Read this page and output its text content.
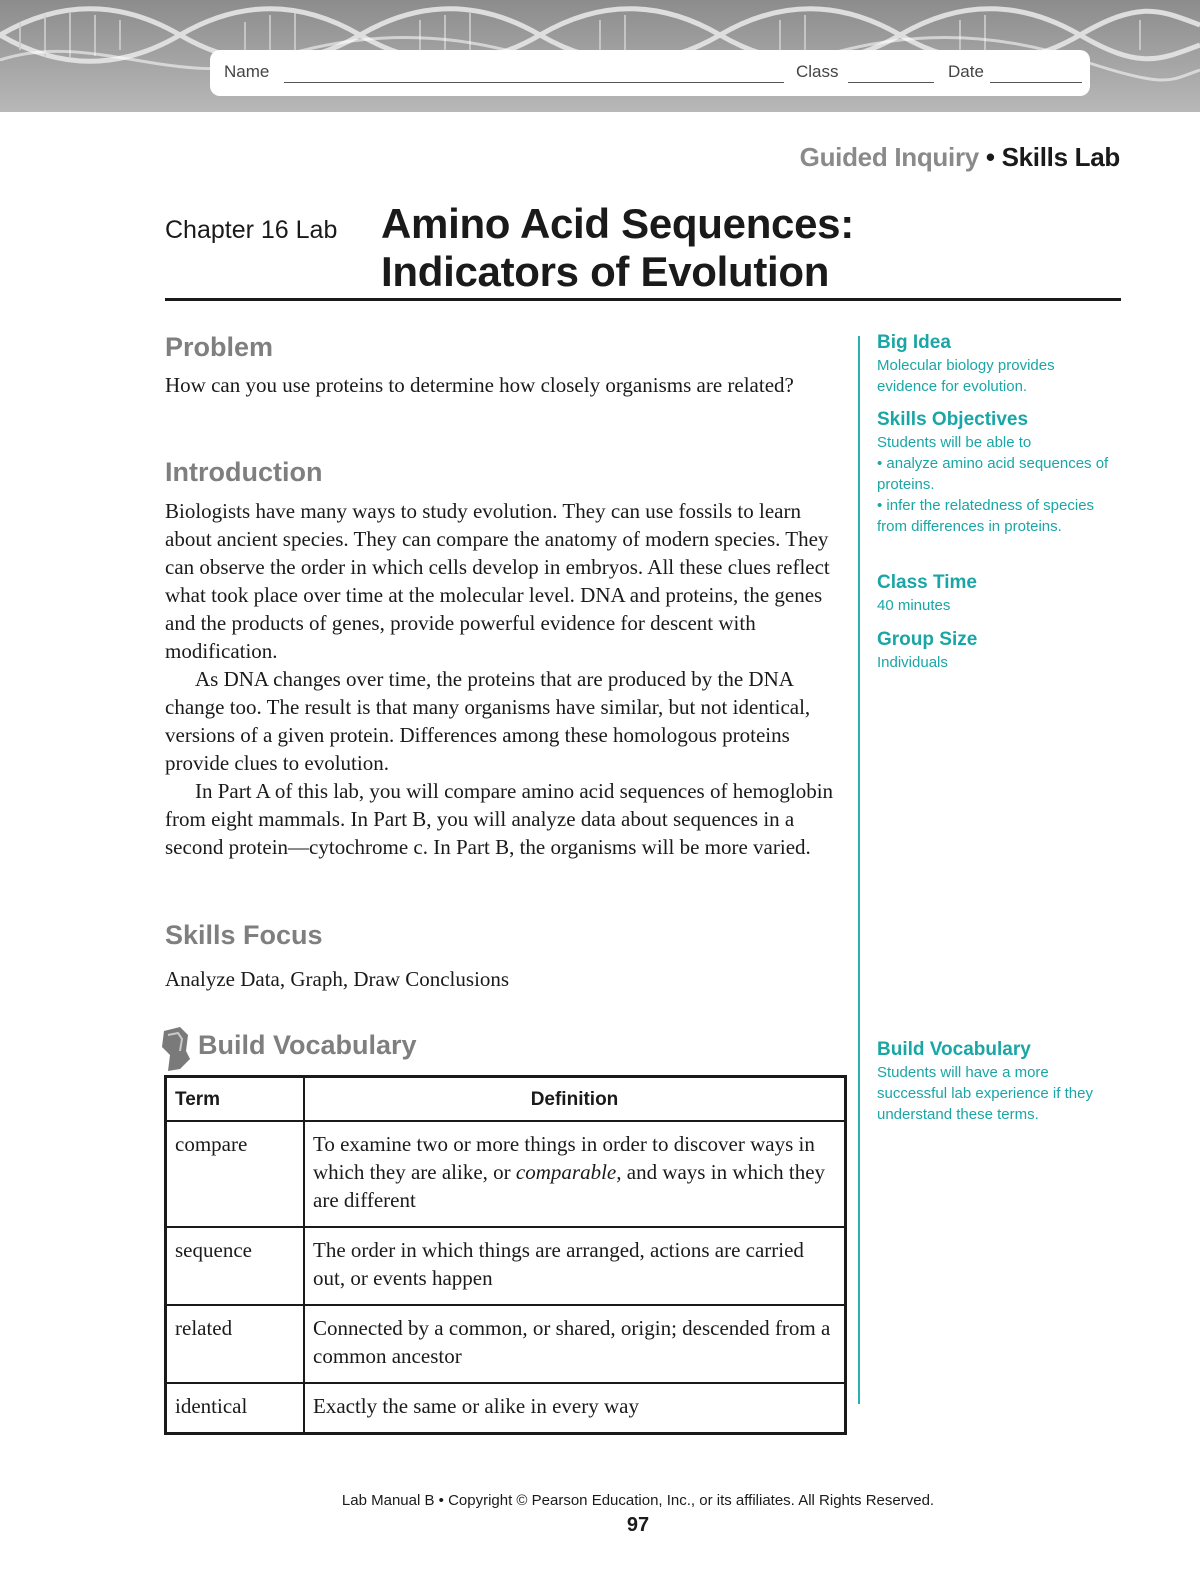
Name	Class	Date
Guided Inquiry • Skills Lab
Chapter 16 Lab Amino Acid Sequences:
Indicators of Evolution
Problem

How can you use proteins to determine how closely organisms are related?

Introduction

Biologists have many ways to study evolution. They can use fossils to learn about ancient species. They can compare the anatomy of modern species. They can observe the order in which cells develop in embryos. All these clues reflect what took place over time at the molecular level. DNA and proteins, the genes and the products of genes, provide powerful evidence for descent with modification.

As DNA changes over time, the proteins that are produced by the DNA change too. The result is that many organisms have similar, but not identical, versions of a given protein. Differences among these homologous proteins provide clues to evolution.

In Part A of this lab, you will compare amino acid sequences of hemoglobin from eight mammals. In Part B, you will analyze data about sequences in a second protein—cytochrome c. In Part B, the organisms will be more varied.

Skills Focus
Analyze Data, Graph, Draw Conclusions
Build Vocabulary
Term	Definition
compare	To examine two or more things in order to discover ways in which they are alike, or comparable, and ways in which they are different
sequence	The order in which things are arranged, actions are carried out, or events happen
related	Connected by a common, or shared, origin; descended from a common ancestor
identical	Exactly the same or alike in every way
Big Idea
Molecular biology provides evidence for evolution.
Skills Objectives
Students will be able to
• analyze amino acid sequences of proteins.
• infer the relatedness of species from differences in proteins.
Class Time
40 minutes
Group Size
Individuals
Build Vocabulary
Students will have a more successful lab experience if they understand these terms.
Lab Manual B • Copyright © Pearson Education, Inc., or its affiliates. All Rights Reserved.
97
